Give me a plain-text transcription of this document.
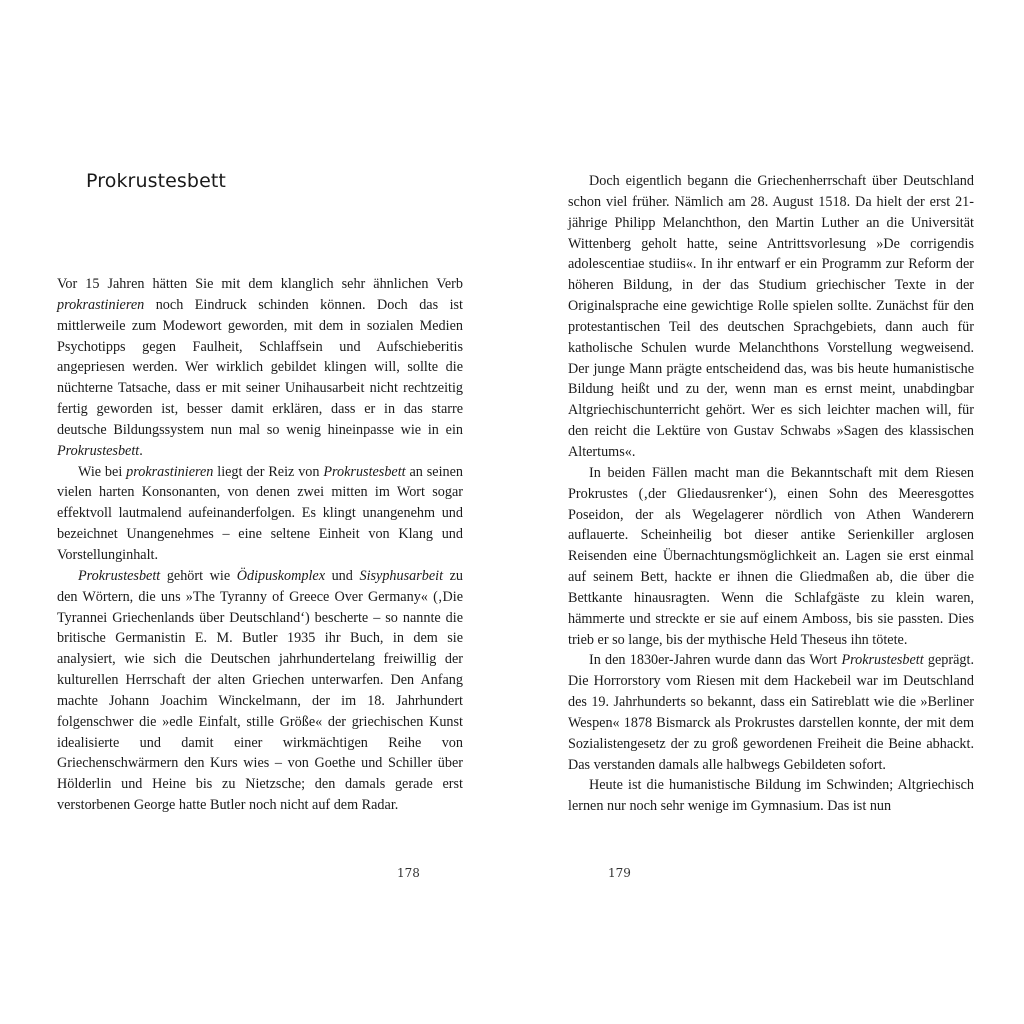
Prokrustesbett

Vor 15 Jahren hätten Sie mit dem klanglich sehr ähnlichen Verb prokrastinieren noch Eindruck schinden können. Doch das ist mittlerweile zum Modewort geworden, mit dem in sozialen Medien Psychotipps gegen Faulheit, Schlaffsein und Aufschieberitis angepriesen werden. Wer wirklich gebildet klingen will, sollte die nüchterne Tatsache, dass er mit seiner Unihausarbeit nicht rechtzeitig fertig geworden ist, besser damit erklären, dass er in das starre deutsche Bildungssystem nun mal so wenig hineinpasse wie in ein Prokrustesbett.

Wie bei prokrastinieren liegt der Reiz von Prokrustesbett an seinen vielen harten Konsonanten, von denen zwei mitten im Wort sogar effektvoll lautmalend aufeinanderfolgen. Es klingt unangenehm und bezeichnet Unangenehmes – eine seltene Einheit von Klang und Vorstellunginhalt.

Prokrustesbett gehört wie Ödipuskomplex und Sisyphusarbeit zu den Wörtern, die uns »The Tyranny of Greece Over Germany« (‚Die Tyrannei Griechenlands über Deutschland‘) bescherte – so nannte die britische Germanistin E. M. Butler 1935 ihr Buch, in dem sie analysiert, wie sich die Deutschen jahrhundertelang freiwillig der kulturellen Herrschaft der alten Griechen unterwarfen. Den Anfang machte Johann Joachim Winckelmann, der im 18. Jahrhundert folgenschwer die »edle Einfalt, stille Größe« der griechischen Kunst idealisierte und damit einer wirkmächtigen Reihe von Griechenschwärmern den Kurs wies – von Goethe und Schiller über Hölderlin und Heine bis zu Nietzsche; den damals gerade erst verstorbenen George hatte Butler noch nicht auf dem Radar.

178

Doch eigentlich begann die Griechenherrschaft über Deutschland schon viel früher. Nämlich am 28. August 1518. Da hielt der erst 21-jährige Philipp Melanchthon, den Martin Luther an die Universität Wittenberg geholt hatte, seine Antrittsvorlesung »De corrigendis adolescentiae studiis«. In ihr entwarf er ein Programm zur Reform der höheren Bildung, in der das Studium griechischer Texte in der Originalsprache eine gewichtige Rolle spielen sollte. Zunächst für den protestantischen Teil des deutschen Sprachgebiets, dann auch für katholische Schulen wurde Melanchthons Vorstellung wegweisend. Der junge Mann prägte entscheidend das, was bis heute humanistische Bildung heißt und zu der, wenn man es ernst meint, unabdingbar Altgriechischunterricht gehört. Wer es sich leichter machen will, für den reicht die Lektüre von Gustav Schwabs »Sagen des klassischen Altertums«.

In beiden Fällen macht man die Bekanntschaft mit dem Riesen Prokrustes (‚der Gliedausrenker‘), einen Sohn des Meeresgottes Poseidon, der als Wegelagerer nördlich von Athen Wanderern auflauerte. Scheinheilig bot dieser antike Serienkiller arglosen Reisenden eine Übernachtungsmöglichkeit an. Lagen sie erst einmal auf seinem Bett, hackte er ihnen die Gliedmaßen ab, die über die Bettkante hinausragten. Wenn die Schlafgäste zu klein waren, hämmerte und streckte er sie auf einem Amboss, bis sie passten. Dies trieb er so lange, bis der mythische Held Theseus ihn tötete.

In den 1830er-Jahren wurde dann das Wort Prokrustesbett geprägt. Die Horrorstory vom Riesen mit dem Hackebeil war im Deutschland des 19. Jahrhunderts so bekannt, dass ein Satireblatt wie die »Berliner Wespen« 1878 Bismarck als Prokrustes darstellen konnte, der mit dem Sozialistengesetz der zu groß gewordenen Freiheit die Beine abhackt. Das verstanden damals alle halbwegs Gebildeten sofort.

Heute ist die humanistische Bildung im Schwinden; Altgriechisch lernen nur noch sehr wenige im Gymnasium. Das ist nun

179
